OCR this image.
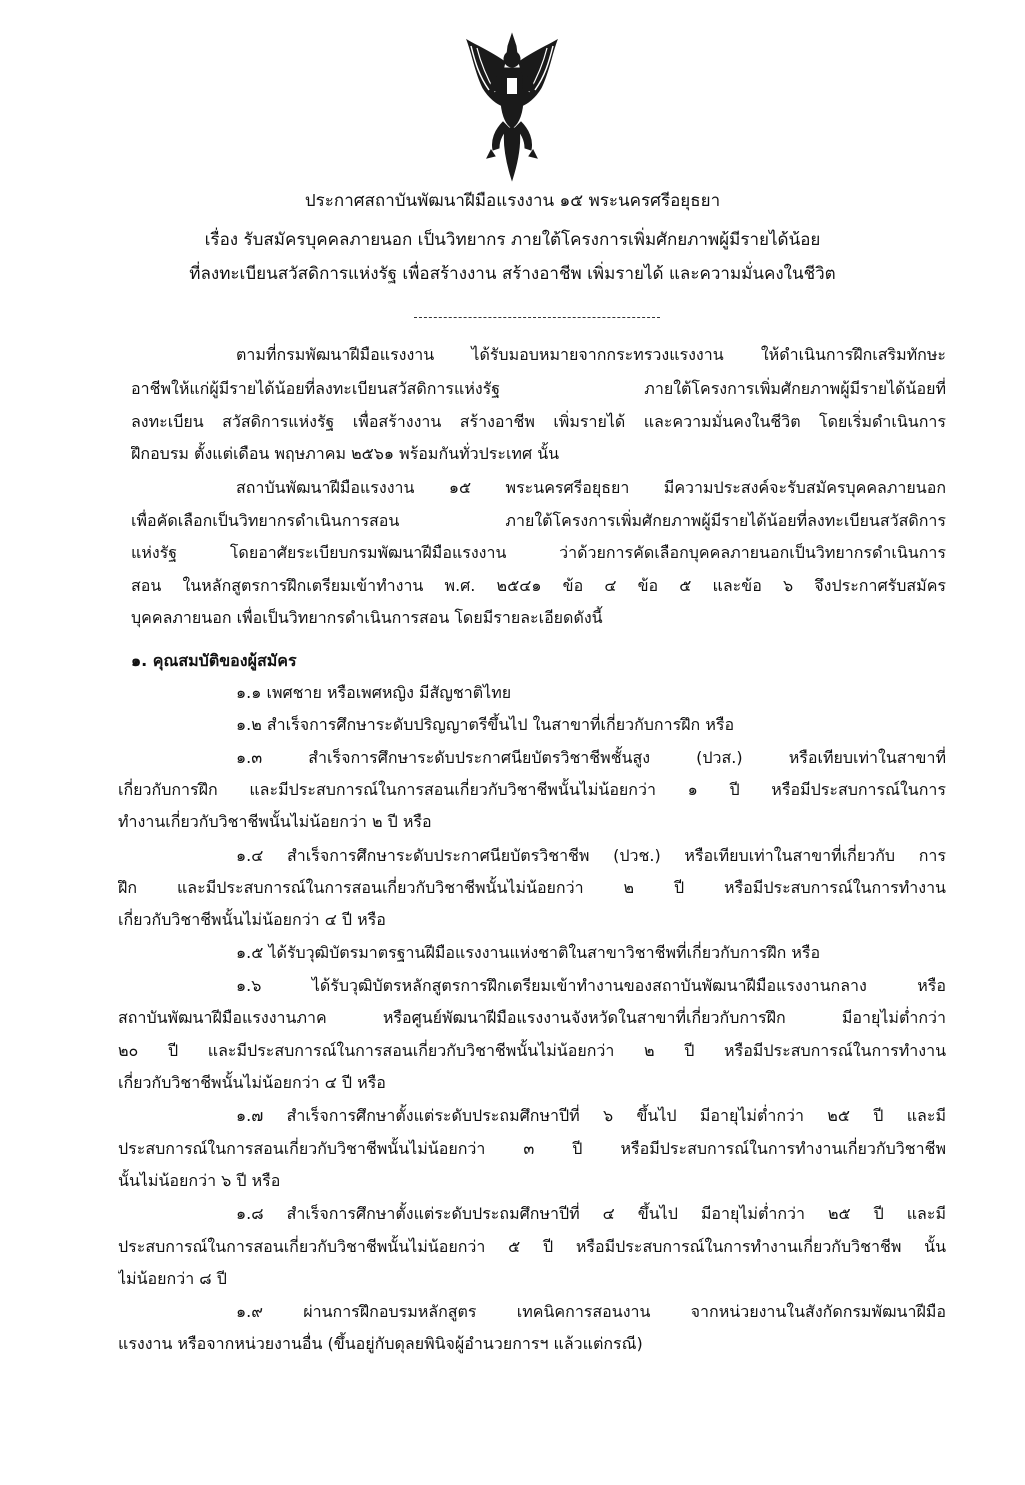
ประกาศสถาบันพัฒนาฝีมือแรงงาน ๑๕ พระนครศรีอยุธยา
เรื่อง รับสมัครบุคคลภายนอก เป็นวิทยากร ภายใต้โครงการเพิ่มศักยภาพผู้มีรายได้น้อย
ที่ลงทะเบียนสวัสดิการแห่งรัฐ เพื่อสร้างงาน สร้างอาชีพ เพิ่มรายได้ และความมั่นคงในชีวิต
ตามที่กรมพัฒนาฝีมือแรงงาน ได้รับมอบหมายจากกระทรวงแรงงาน ให้ดำเนินการฝึกเสริมทักษะ
อาชีพให้แก่ผู้มีรายได้น้อยที่ลงทะเบียนสวัสดิการแห่งรัฐ ภายใต้โครงการเพิ่มศักยภาพผู้มีรายได้น้อยที่
ลงทะเบียน สวัสดิการแห่งรัฐ เพื่อสร้างงาน สร้างอาชีพ เพิ่มรายได้ และความมั่นคงในชีวิต โดยเริ่มดำเนินการ
ฝึกอบรม ตั้งแต่เดือน พฤษภาคม ๒๕๖๑ พร้อมกันทั่วประเทศ นั้น
สถาบันพัฒนาฝีมือแรงงาน ๑๕ พระนครศรีอยุธยา มีความประสงค์จะรับสมัครบุคคลภายนอก
เพื่อคัดเลือกเป็นวิทยากรดำเนินการสอน ภายใต้โครงการเพิ่มศักยภาพผู้มีรายได้น้อยที่ลงทะเบียนสวัสดิการ
แห่งรัฐ โดยอาศัยระเบียบกรมพัฒนาฝีมือแรงงาน ว่าด้วยการคัดเลือกบุคคลภายนอกเป็นวิทยากรดำเนินการ
สอน ในหลักสูตรการฝึกเตรียมเข้าทำงาน พ.ศ. ๒๕๔๑ ข้อ ๔ ข้อ ๕ และข้อ ๖ จึงประกาศรับสมัคร
บุคคลภายนอก เพื่อเป็นวิทยากรดำเนินการสอน โดยมีรายละเอียดดังนี้
๑. คุณสมบัติของผู้สมัคร
๑.๑ เพศชาย หรือเพศหญิง มีสัญชาติไทย
๑.๒ สำเร็จการศึกษาระดับปริญญาตรีขึ้นไป ในสาขาที่เกี่ยวกับการฝึก หรือ
๑.๓ สำเร็จการศึกษาระดับประกาศนียบัตรวิชาชีพชั้นสูง (ปวส.) หรือเทียบเท่าในสาขาที่
เกี่ยวกับการฝึก และมีประสบการณ์ในการสอนเกี่ยวกับวิชาชีพนั้นไม่น้อยกว่า ๑ ปี หรือมีประสบการณ์ในการ
ทำงานเกี่ยวกับวิชาชีพนั้นไม่น้อยกว่า ๒ ปี หรือ
๑.๔ สำเร็จการศึกษาระดับประกาศนียบัตรวิชาชีพ (ปวช.) หรือเทียบเท่าในสาขาที่เกี่ยวกับ การ
ฝึก และมีประสบการณ์ในการสอนเกี่ยวกับวิชาชีพนั้นไม่น้อยกว่า ๒ ปี หรือมีประสบการณ์ในการทำงาน
เกี่ยวกับวิชาชีพนั้นไม่น้อยกว่า ๔ ปี หรือ
๑.๕ ได้รับวุฒิบัตรมาตรฐานฝีมือแรงงานแห่งชาติในสาขาวิชาชีพที่เกี่ยวกับการฝึก หรือ
๑.๖ ได้รับวุฒิบัตรหลักสูตรการฝึกเตรียมเข้าทำงานของสถาบันพัฒนาฝีมือแรงงานกลาง หรือ
สถาบันพัฒนาฝีมือแรงงานภาค หรือศูนย์พัฒนาฝีมือแรงงานจังหวัดในสาขาที่เกี่ยวกับการฝึก มีอายุไม่ต่ำกว่า
๒๐ ปี และมีประสบการณ์ในการสอนเกี่ยวกับวิชาชีพนั้นไม่น้อยกว่า ๒ ปี หรือมีประสบการณ์ในการทำงาน
เกี่ยวกับวิชาชีพนั้นไม่น้อยกว่า ๔ ปี หรือ
๑.๗ สำเร็จการศึกษาตั้งแต่ระดับประถมศึกษาปีที่ ๖ ขึ้นไป มีอายุไม่ต่ำกว่า ๒๕ ปี และมี
ประสบการณ์ในการสอนเกี่ยวกับวิชาชีพนั้นไม่น้อยกว่า ๓ ปี หรือมีประสบการณ์ในการทำงานเกี่ยวกับวิชาชีพ
นั้นไม่น้อยกว่า ๖ ปี หรือ
๑.๘ สำเร็จการศึกษาตั้งแต่ระดับประถมศึกษาปีที่ ๔ ขึ้นไป มีอายุไม่ต่ำกว่า ๒๕ ปี และมี
ประสบการณ์ในการสอนเกี่ยวกับวิชาชีพนั้นไม่น้อยกว่า ๕ ปี หรือมีประสบการณ์ในการทำงานเกี่ยวกับวิชาชีพ นั้น
ไม่น้อยกว่า ๘ ปี
๑.๙ ผ่านการฝึกอบรมหลักสูตร เทคนิคการสอนงาน จากหน่วยงานในสังกัดกรมพัฒนาฝีมือ
แรงงาน หรือจากหน่วยงานอื่น (ขึ้นอยู่กับดุลยพินิจผู้อำนวยการฯ แล้วแต่กรณี)
